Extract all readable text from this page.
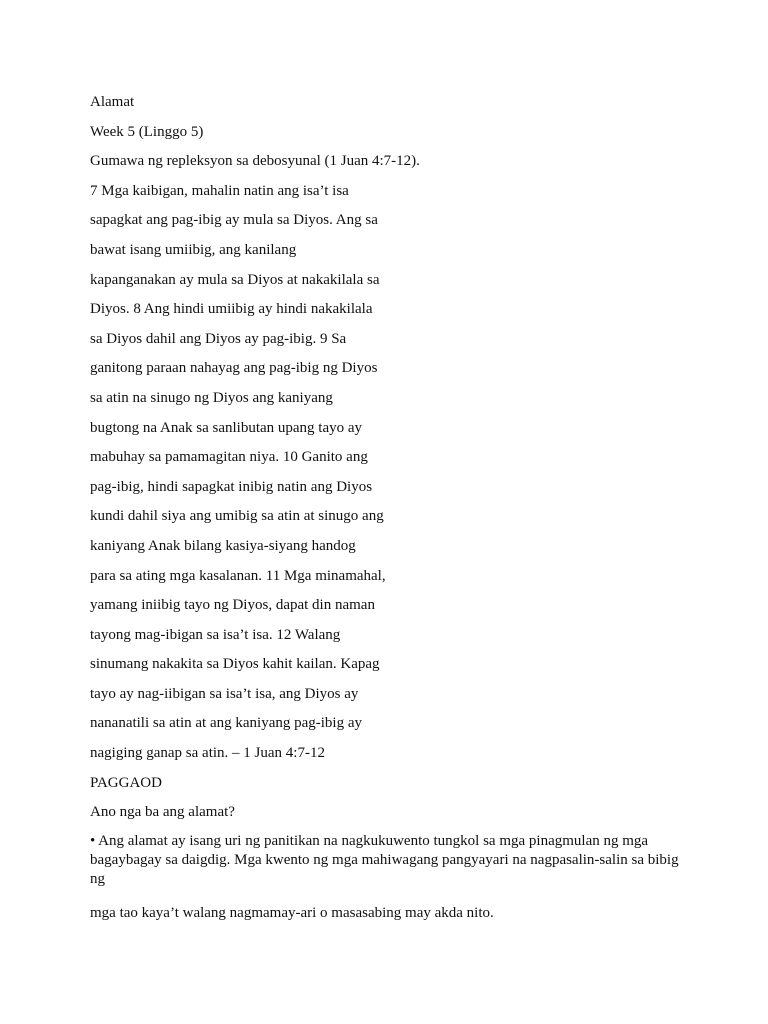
Alamat
Week 5 (Linggo 5)
Gumawa ng repleksyon sa debosyunal (1 Juan 4:7-12).
7 Mga kaibigan, mahalin natin ang isa’t isa
sapagkat ang pag-ibig ay mula sa Diyos. Ang sa
bawat isang umiibig, ang kanilang
kapanganakan ay mula sa Diyos at nakakilala sa
Diyos. 8 Ang hindi umiibig ay hindi nakakilala
sa Diyos dahil ang Diyos ay pag-ibig. 9 Sa
ganitong paraan nahayag ang pag-ibig ng Diyos
sa atin na sinugo ng Diyos ang kaniyang
bugtong na Anak sa sanlibutan upang tayo ay
mabuhay sa pamamagitan niya. 10 Ganito ang
pag-ibig, hindi sapagkat inibig natin ang Diyos
kundi dahil siya ang umibig sa atin at sinugo ang
kaniyang Anak bilang kasiya-siyang handog
para sa ating mga kasalanan. 11 Mga minamahal,
yamang iniibig tayo ng Diyos, dapat din naman
tayong mag-ibigan sa isa’t isa. 12 Walang
sinumang nakakita sa Diyos kahit kailan. Kapag
tayo ay nag-iibigan sa isa’t isa, ang Diyos ay
nananatili sa atin at ang kaniyang pag-ibig ay
nagiging ganap sa atin. – 1 Juan 4:7-12
PAGGAOD
Ano nga ba ang alamat?
• Ang alamat ay isang uri ng panitikan na nagkukuwento tungkol sa mga pinagmulan ng mga bagaybagay sa daigdig. Mga kwento ng mga mahiwagang pangyayari na nagpasalin-salin sa bibig ng
mga tao kaya’t walang nagmamay-ari o masasabing may akda nito.
